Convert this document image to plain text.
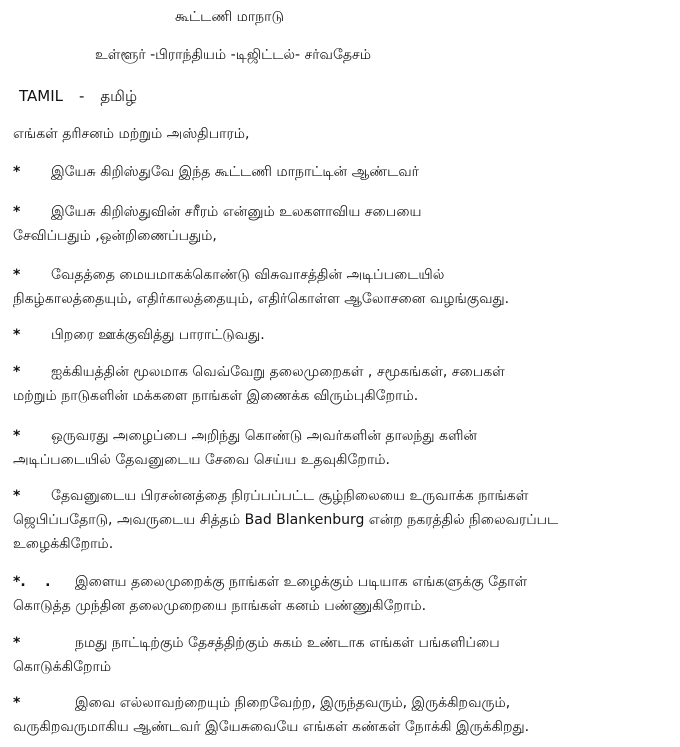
கூட்டணி மாநாடு
உள்ளூர் -பிராந்தியம் -டிஜிட்டல்- சர்வதேசம்
TAMIL - தமிழ்
எங்கள் தரிசனம் மற்றும் அஸ்திபாரம்,
* இயேசு கிறிஸ்துவே இந்த கூட்டணி மாநாட்டின் ஆண்டவர்
* இயேசு கிறிஸ்துவின் சரீரம் என்னும் உலகளாவிய சபையை
சேவிப்பதும் ,ஒன்றிணைப்பதும்,
* வேதத்தை மையமாகக்கொண்டு விசுவாசத்தின் அடிப்படையில்
நிகழ்காலத்தையும், எதிர்காலத்தையும், எதிர்கொள்ள ஆலோசனை வழங்குவது.
* பிறரை ஊக்குவித்து பாராட்டுவது.
* ஐக்கியத்தின் மூலமாக வெவ்வேறு தலைமுறைகள் , சமூகங்கள், சபைகள்
மற்றும் நாடுகளின் மக்களை நாங்கள் இணைக்க விரும்புகிறோம்.
* ஒருவரது அழைப்பை அறிந்து கொண்டு அவர்களின் தாலந்து களின்
அடிப்படையில் தேவனுடைய சேவை செய்ய உதவுகிறோம்.
* தேவனுடைய பிரசன்னத்தை நிரப்பப்பட்ட சூழ்நிலையை உருவாக்க நாங்கள்
ஜெபிப்பதோடு, அவருடைய சித்தம் Bad Blankenburg என்ற நகரத்தில் நிலைவரப்பட
உழைக்கிறோம்.
*.    . இளைய தலைமுறைக்கு நாங்கள் உழைக்கும் படியாக எங்களுக்கு தோள்
கொடுத்த முந்தின தலைமுறையை நாங்கள் கனம் பண்ணுகிறோம்.
*	நமது நாட்டிற்கும் தேசத்திற்கும் சுகம் உண்டாக எங்கள் பங்களிப்பை
கொடுக்கிறோம்
*	இவை எல்லாவற்றையும் நிறைவேற்ற, இருந்தவரும், இருக்கிறவரும்,
வருகிறவருமாகிய ஆண்டவர் இயேசுவையே எங்கள் கண்கள் நோக்கி இருக்கிறது.
